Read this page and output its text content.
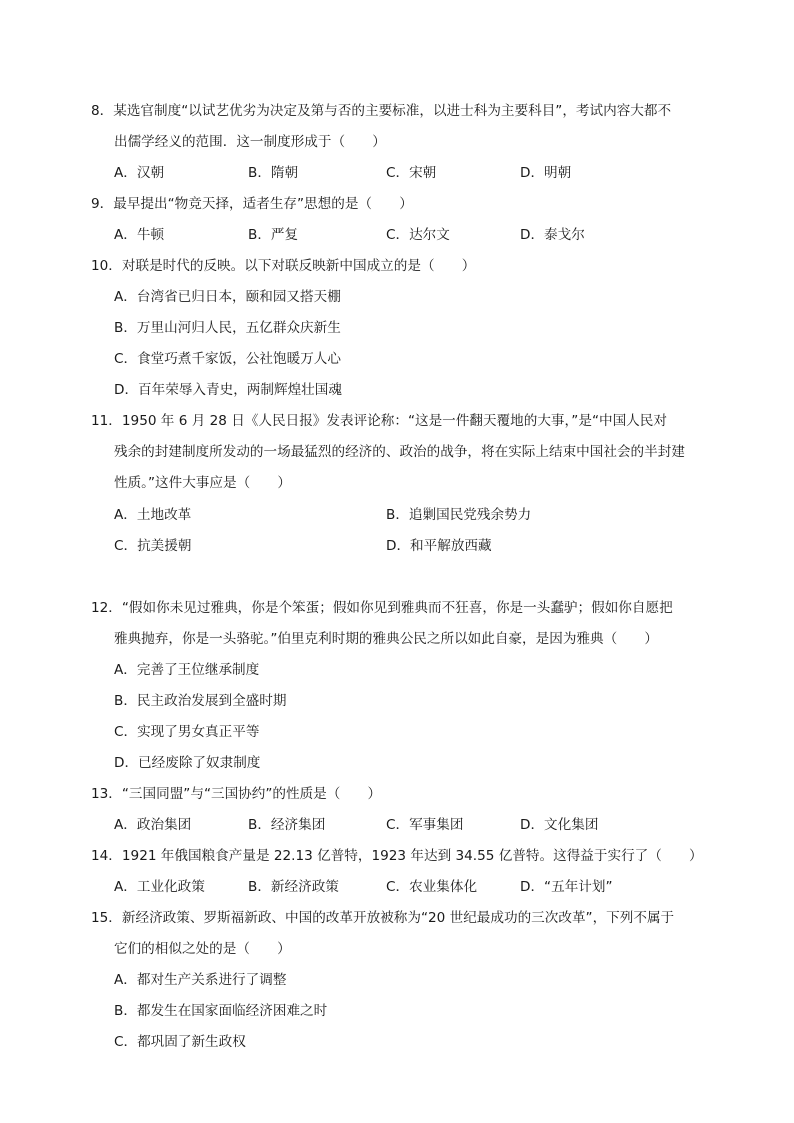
8．某选官制度“以试艺优劣为决定及第与否的主要标准，以进士科为主要科目”，考试内容大都不
出儒学经义的范围．这一制度形成于（　　）
A．汉朝	B．隋朝	C．宋朝	D．明朝
9．最早提出“物竞天择，适者生存”思想的是（　　）
A．牛顿	B．严复	C．达尔文	D．泰戈尔
10．对联是时代的反映。以下对联反映新中国成立的是（　　）
A．台湾省已归日本，颐和园又搭天棚
B．万里山河归人民，五亿群众庆新生
C．食堂巧煮千家饭，公社饱暖万人心
D．百年荣辱入青史，两制辉煌壮国魂
11．1950 年 6 月 28 日《人民日报》发表评论称：“这是一件翻天覆地的大事，”是“中国人民对
残余的封建制度所发动的一场最猛烈的经济的、政治的战争，将在实际上结束中国社会的半封建
性质。”这件大事应是（　　）
A．土地改革	B．追剿国民党残余势力
C．抗美援朝	D．和平解放西藏
12．“假如你未见过雅典，你是个笨蛋；假如你见到雅典而不狂喜，你是一头蠢驴；假如你自愿把
雅典抛弃，你是一头骆驼。”伯里克利时期的雅典公民之所以如此自豪，是因为雅典（　　）
A．完善了王位继承制度
B．民主政治发展到全盛时期
C．实现了男女真正平等
D．已经废除了奴隶制度
13．“三国同盟”与“三国协约”的性质是（　　）
A．政治集团	B．经济集团	C．军事集团	D．文化集团
14．1921 年俄国粮食产量是 22.13 亿普特，1923 年达到 34.55 亿普特。这得益于实行了（　　）
A．工业化政策	B．新经济政策	C．农业集体化	D．“五年计划”
15．新经济政策、罗斯福新政、中国的改革开放被称为“20 世纪最成功的三次改革”，下列不属于
它们的相似之处的是（　　）
A．都对生产关系进行了调整
B．都发生在国家面临经济困难之时
C．都巩固了新生政权
